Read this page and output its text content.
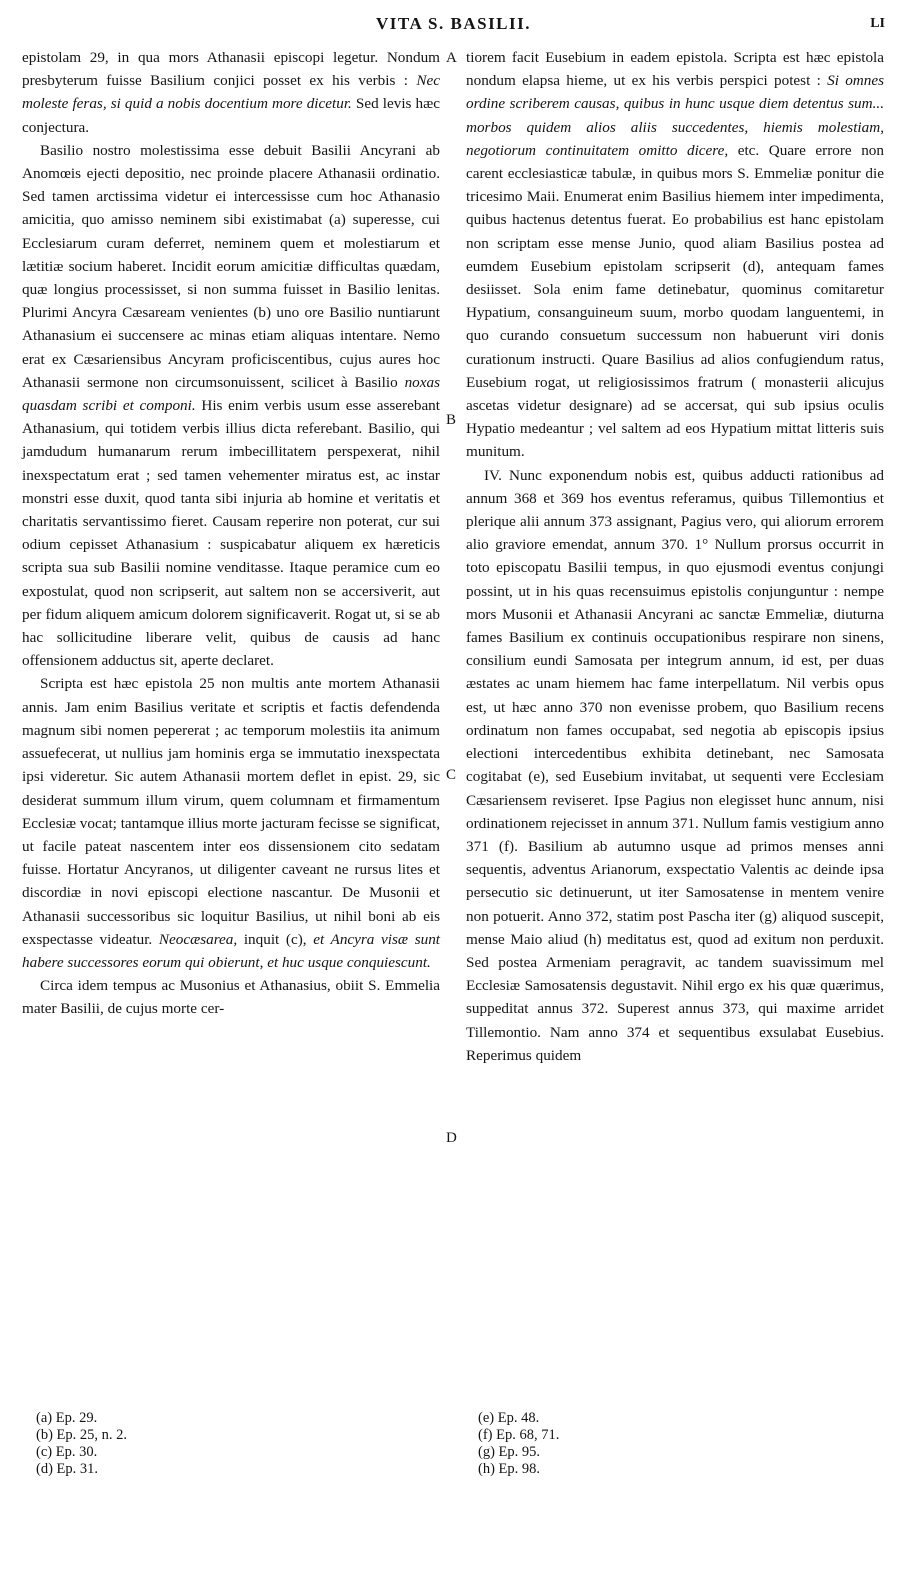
VITA S. BASILII.	LI

epistolam 29, in qua mors Athanasii episcopi legetur. Nondum presbyterum fuisse Basilium conjici posset ex his verbis : Nec moleste feras, si quid a nobis docentium more dicetur. Sed levis hæc conjectura.

Basilio nostro molestissima esse debuit Basilii Ancyrani ab Anomœis ejecti depositio, nec proinde placere Athanasii ordinatio. Sed tamen arctissima videtur ei intercessisse cum hoc Athanasio amicitia, quo amisso neminem sibi existimabat (a) superesse, cui Ecclesiarum curam deferret, neminem quem et molestiarum et lætitiæ socium haberet. Incidit eorum amicitiæ difficultas quædam, quæ longius processisset, si non summa fuisset in Basilio lenitas. Plurimi Ancyra Cæsaream venientes (b) uno ore Basilio nuntiarunt Athanasium ei succensere ac minas etiam aliquas intentare. Nemo erat ex Cæsariensibus Ancyram proficiscentibus, cujus aures hoc Athanasii sermone non circumsonuissent, scilicet à Basilio noxas quasdam scribi et componi. His enim verbis usum esse asserebant Athanasium, qui totidem verbis illius dicta referebant. Basilio, qui jamdudum humanarum rerum imbecillitatem perspexerat, nihil inexspectatum erat ; sed tamen vehementer miratus est, ac instar monstri esse duxit, quod tanta sibi injuria ab homine et veritatis et charitatis servantissimo fieret. Causam reperire non poterat, cur sui odium cepisset Athanasium : suspicabatur aliquem ex hæreticis scripta sua sub Basilii nomine venditasse. Itaque peramice cum eo expostulat, quod non scripserit, aut saltem non se accersiverit, aut per fidum aliquem amicum dolorem significaverit. Rogat ut, si se ab hac sollicitudine liberare velit, quibus de causis ad hanc offensionem adductus sit, aperte declaret.

Scripta est hæc epistola 25 non multis ante mortem Athanasii annis. Jam enim Basilius veritate et scriptis et factis defendenda magnum sibi nomen pepererat ; ac temporum molestiis ita animum assuefecerat, ut nullius jam hominis erga se immutatio inexspectata ipsi videretur. Sic autem Athanasii mortem deflet in epist. 29, sic desiderat summum illum virum, quem columnam et firmamentum Ecclesiæ vocat; tantamque illius morte jacturam fecisse se significat, ut facile pateat nascentem inter eos dissensionem cito sedatam fuisse. Hortatur Ancyranos, ut diligenter caveant ne rursus lites et discordiæ in novi episcopi electione nascantur. De Musonii et Athanasii successoribus sic loquitur Basilius, ut nihil boni ab eis exspectasse videatur. Neocæsarea, inquit (c), et Ancyra visæ sunt habere successores eorum qui obierunt, et huc usque conquiescunt.

Circa idem tempus ac Musonius et Athanasius, obiit S. Emmelia mater Basilii, de cujus morte cer-

A
B
C
D

tiorem facit Eusebium in eadem epistola. Scripta est hæc epistola nondum elapsa hieme, ut ex his verbis perspici potest : Si omnes ordine scriberem causas, quibus in hunc usque diem detentus sum... morbos quidem alios aliis succedentes, hiemis molestiam, negotiorum continuitatem omitto dicere, etc. Quare errore non carent ecclesiasticæ tabulæ, in quibus mors S. Emmeliæ ponitur die tricesimo Maii. Enumerat enim Basilius hiemem inter impedimenta, quibus hactenus detentus fuerat. Eo probabilius est hanc epistolam non scriptam esse mense Junio, quod aliam Basilius postea ad eumdem Eusebium epistolam scripserit (d), antequam fames desiisset. Sola enim fame detinebatur, quominus comitaretur Hypatium, consanguineum suum, morbo quodam languentemi, in quo curando consuetum successum non habuerunt viri donis curationum instructi. Quare Basilius ad alios confugiendum ratus, Eusebium rogat, ut religiosissimos fratrum ( monasterii alicujus ascetas videtur designare) ad se accersat, qui sub ipsius oculis Hypatio medeantur ; vel saltem ad eos Hypatium mittat litteris suis munitum.

IV. Nunc exponendum nobis est, quibus adducti rationibus ad annum 368 et 369 hos eventus referamus, quibus Tillemontius et plerique alii annum 373 assignant, Pagius vero, qui aliorum errorem alio graviore emendat, annum 370. 1° Nullum prorsus occurrit in toto episcopatu Basilii tempus, in quo ejusmodi eventus conjungi possint, ut in his quas recensuimus epistolis conjunguntur : nempe mors Musonii et Athanasii Ancyrani ac sanctæ Emmeliæ, diuturna fames Basilium ex continuis occupationibus respirare non sinens, consilium eundi Samosata per integrum annum, id est, per duas æstates ac unam hiemem hac fame interpellatum. Nil verbis opus est, ut hæc anno 370 non evenisse probem, quo Basilium recens ordinatum non fames occupabat, sed negotia ab episcopis ipsius electioni intercedentibus exhibita detinebant, nec Samosata cogitabat (e), sed Eusebium invitabat, ut sequenti vere Ecclesiam Cæsariensem reviseret. Ipse Pagius non elegisset hunc annum, nisi ordinationem rejecisset in annum 371. Nullum famis vestigium anno 371 (f). Basilium ab autumno usque ad primos menses anni sequentis, adventus Arianorum, exspectatio Valentis ac deinde ipsa persecutio sic detinuerunt, ut iter Samosatense in mentem venire non potuerit. Anno 372, statim post Pascha iter (g) aliquod suscepit, mense Maio aliud (h) meditatus est, quod ad exitum non perduxit. Sed postea Armeniam peragravit, ac tandem suavissimum mel Ecclesiæ Samosatensis degustavit. Nihil ergo ex his quæ quærimus, suppeditat annus 372. Superest annus 373, qui maxime arridet Tillemontio. Nam anno 374 et sequentibus exsulabat Eusebius. Reperimus quidem

(a) Ep. 29.
(b) Ep. 25, n. 2.
(c) Ep. 30.
(d) Ep. 31.
(e) Ep. 48.
(f) Ep. 68, 71.
(g) Ep. 95.
(h) Ep. 98.
